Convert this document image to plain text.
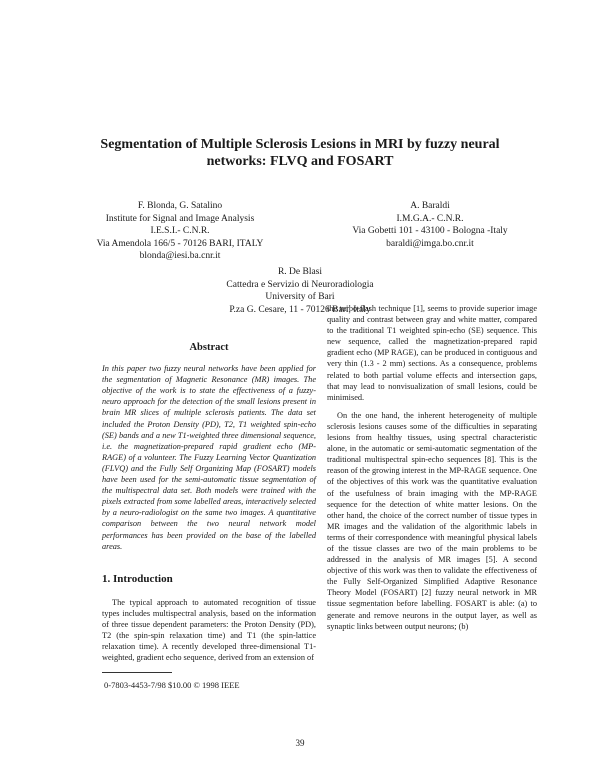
Segmentation of Multiple Sclerosis Lesions in MRI by fuzzy neural networks: FLVQ and FOSART
F. Blonda, G. Satalino
Institute for Signal and Image Analysis
I.E.S.I.- C.N.R.
Via Amendola 166/5 - 70126 BARI, ITALY
blonda@iesi.ba.cnr.it
A. Baraldi
I.M.G.A.- C.N.R.
Via Gobetti 101 - 43100 - Bologna -Italy
baraldi@imga.bo.cnr.it
R. De Blasi
Cattedra e Servizio di Neuroradiologia
University of Bari
P.za G. Cesare, 11 - 70126 Bari, Italy
Abstract

In this paper two fuzzy neural networks have been applied for the segmentation of Magnetic Resonance (MR) images. The objective of the work is to state the effectiveness of a fuzzy-neuro approach for the detection of the small lesions present in brain MR slices of multiple sclerosis patients. The data set included the Proton Density (PD), T2, T1 weighted spin-echo (SE) bands and a new T1-weighted three dimensional sequence, i.e. the magnetization-prepared rapid gradient echo (MP-RAGE) of a volunteer. The Fuzzy Learning Vector Quantization (FLVQ) and the Fully Self Organizing Map (FOSART) models have been used for the semi-automatic tissue segmentation of the multispectral data set. Both models were trained with the pixels extracted from some labelled areas, interactively selected by a neuro-radiologist on the same two images. A quantitative comparison between the two neural network model performances has been provided on the base of the labelled areas.

1. Introduction

The typical approach to automated recognition of tissue types includes multispectral analysis, based on the information of three tissue dependent parameters: the Proton Density (PD), T2 (the spin-spin relaxation time) and T1 (the spin-lattice relaxation time). A recently developed three-dimensional T1-weighted, gradient echo sequence, derived from an extension of

the turbo-flash technique [1], seems to provide superior image quality and contrast between gray and white matter, compared to the traditional T1 weighted spin-echo (SE) sequence. This new sequence, called the magnetization-prepared rapid gradient echo (MP RAGE), can be produced in contiguous and very thin (1.3 - 2 mm) sections. As a consequence, problems related to both partial volume effects and intersection gaps, that may lead to nonvisualization of small lesions, could be minimised.

On the one hand, the inherent heterogeneity of multiple sclerosis lesions causes some of the difficulties in separating lesions from healthy tissues, using spectral characteristic alone, in the automatic or semi-automatic segmentation of the traditional multispectral spin-echo sequences [8]. This is the reason of the growing interest in the MP-RAGE sequence. One of the objectives of this work was the quantitative evaluation of the usefulness of brain imaging with the MP-RAGE sequence for the detection of white matter lesions. On the other hand, the choice of the correct number of tissue types in MR images and the validation of the algorithmic labels in terms of their correspondence with meaningful physical labels of the tissue classes are two of the main problems to be addressed in the analysis of MR images [5]. A second objective of this work was then to validate the effectiveness of the Fully Self-Organized Simplified Adaptive Resonance Theory Model (FOSART) [2] fuzzy neural network in MR tissue segmentation before labelling. FOSART is able: (a) to generate and remove neurons in the output layer, as well as synaptic links between output neurons; (b)

0-7803-4453-7/98 $10.00 © 1998 IEEE
39
